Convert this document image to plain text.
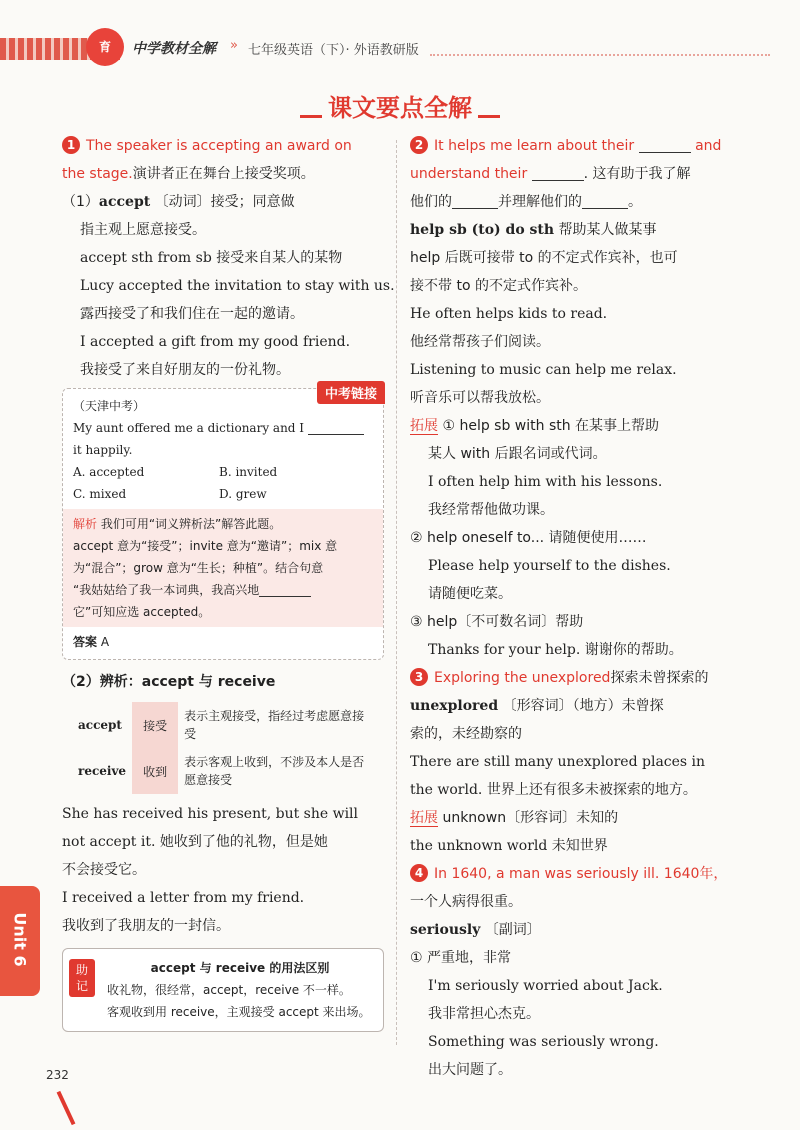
育	中学教材全解 » 七年级英语（下）· 外语教研版
课文要点全解
1 The speaker is accepting an award on
the stage.演讲者正在舞台上接受奖项。
（1）accept 〔动词〕接受；同意做
指主观上愿意接受。
accept sth from sb 接受来自某人的某物
Lucy accepted the invitation to stay with us.
露西接受了和我们住在一起的邀请。
I accepted a gift from my good friend.
我接受了来自好朋友的一份礼物。
中考链接
（天津中考）
My aunt offered me a dictionary and I
it happily.
A. accepted	B. invited
C. mixed	D. grew
解析 我们可用“词义辨析法”解答此题。
accept 意为“接受”；invite 意为“邀请”；mix 意
为“混合”；grow 意为“生长；种植”。结合句意
“我姑姑给了我一本词典，我高兴地
它”可知应选 accepted。
答案 A
（2）辨析：accept 与 receive
accept	接受	表示主观接受，指经过考虑愿意接受
receive	收到	表示客观上收到，不涉及本人是否愿意接受
She has received his present, but she will
not accept it. 她收到了他的礼物，但是她
不会接受它。
I received a letter from my friend.
我收到了我朋友的一封信。
助记
accept 与 receive 的用法区别
收礼物，很经常，accept，receive 不一样。
客观收到用 receive，主观接受 accept 来出场。
2 It helps me learn about their	and
understand their	. 这有助于我了解
他们的	并理解他们的	。
help sb (to) do sth 帮助某人做某事
help 后既可接带 to 的不定式作宾补，也可
接不带 to 的不定式作宾补。
He often helps kids to read.
他经常帮孩子们阅读。
Listening to music can help me relax.
听音乐可以帮我放松。
拓展 ① help sb with sth 在某事上帮助
某人 with 后跟名词或代词。
I often help him with his lessons.
我经常帮他做功课。
② help oneself to... 请随便使用……
Please help yourself to the dishes.
请随便吃菜。
③ help〔不可数名词〕帮助
Thanks for your help. 谢谢你的帮助。
3 Exploring the unexplored探索未曾探索的
unexplored 〔形容词〕（地方）未曾探
索的，未经勘察的
There are still many unexplored places in
the world. 世界上还有很多未被探索的地方。
拓展 unknown〔形容词〕未知的
the unknown world 未知世界
4 In 1640, a man was seriously ill. 1640年，
一个人病得很重。
seriously 〔副词〕
① 严重地，非常
I'm seriously worried about Jack.
我非常担心杰克。
Something was seriously wrong.
出大问题了。
Unit 6
232
